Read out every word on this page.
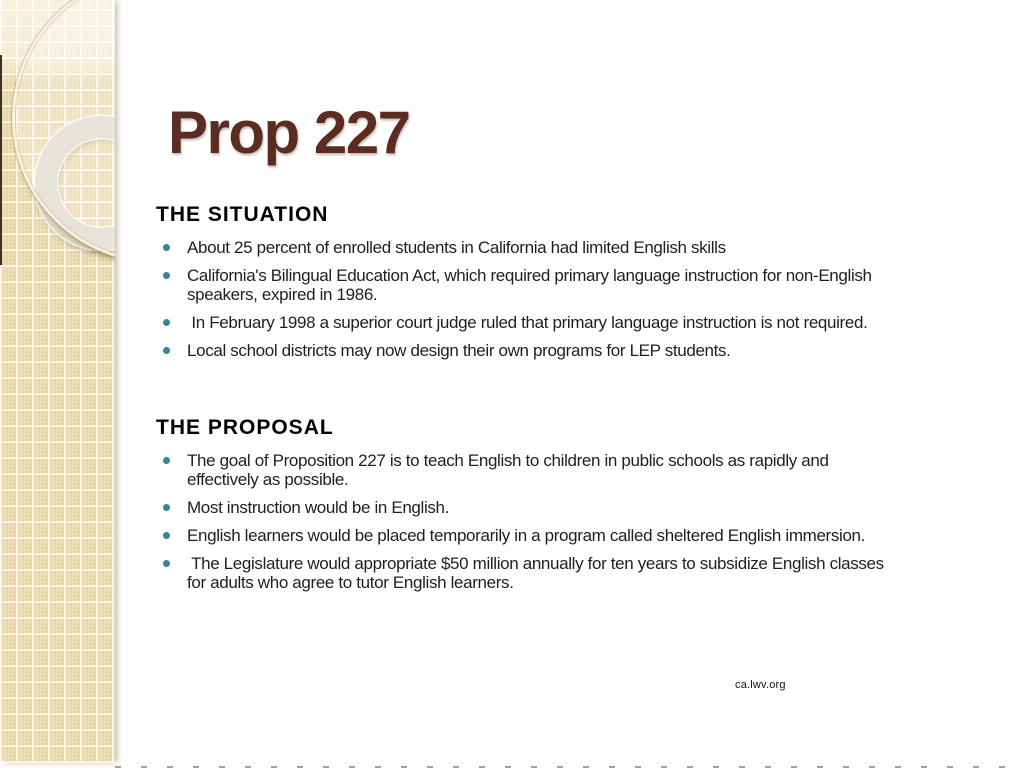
Prop 227
THE SITUATION
About 25 percent of enrolled students in California had limited English skills
California's Bilingual Education Act, which required primary language instruction for non-English
speakers, expired in 1986.
In February 1998 a superior court judge ruled that primary language instruction is not required.
Local school districts may now design their own programs for LEP students.
THE PROPOSAL
The goal of Proposition 227 is to teach English to children in public schools as rapidly and
effectively as possible.
Most instruction would be in English.
English learners would be placed temporarily in a program called sheltered English immersion.
The Legislature would appropriate $50 million annually for ten years to subsidize English classes
for adults who agree to tutor English learners.
ca.lwv.org
